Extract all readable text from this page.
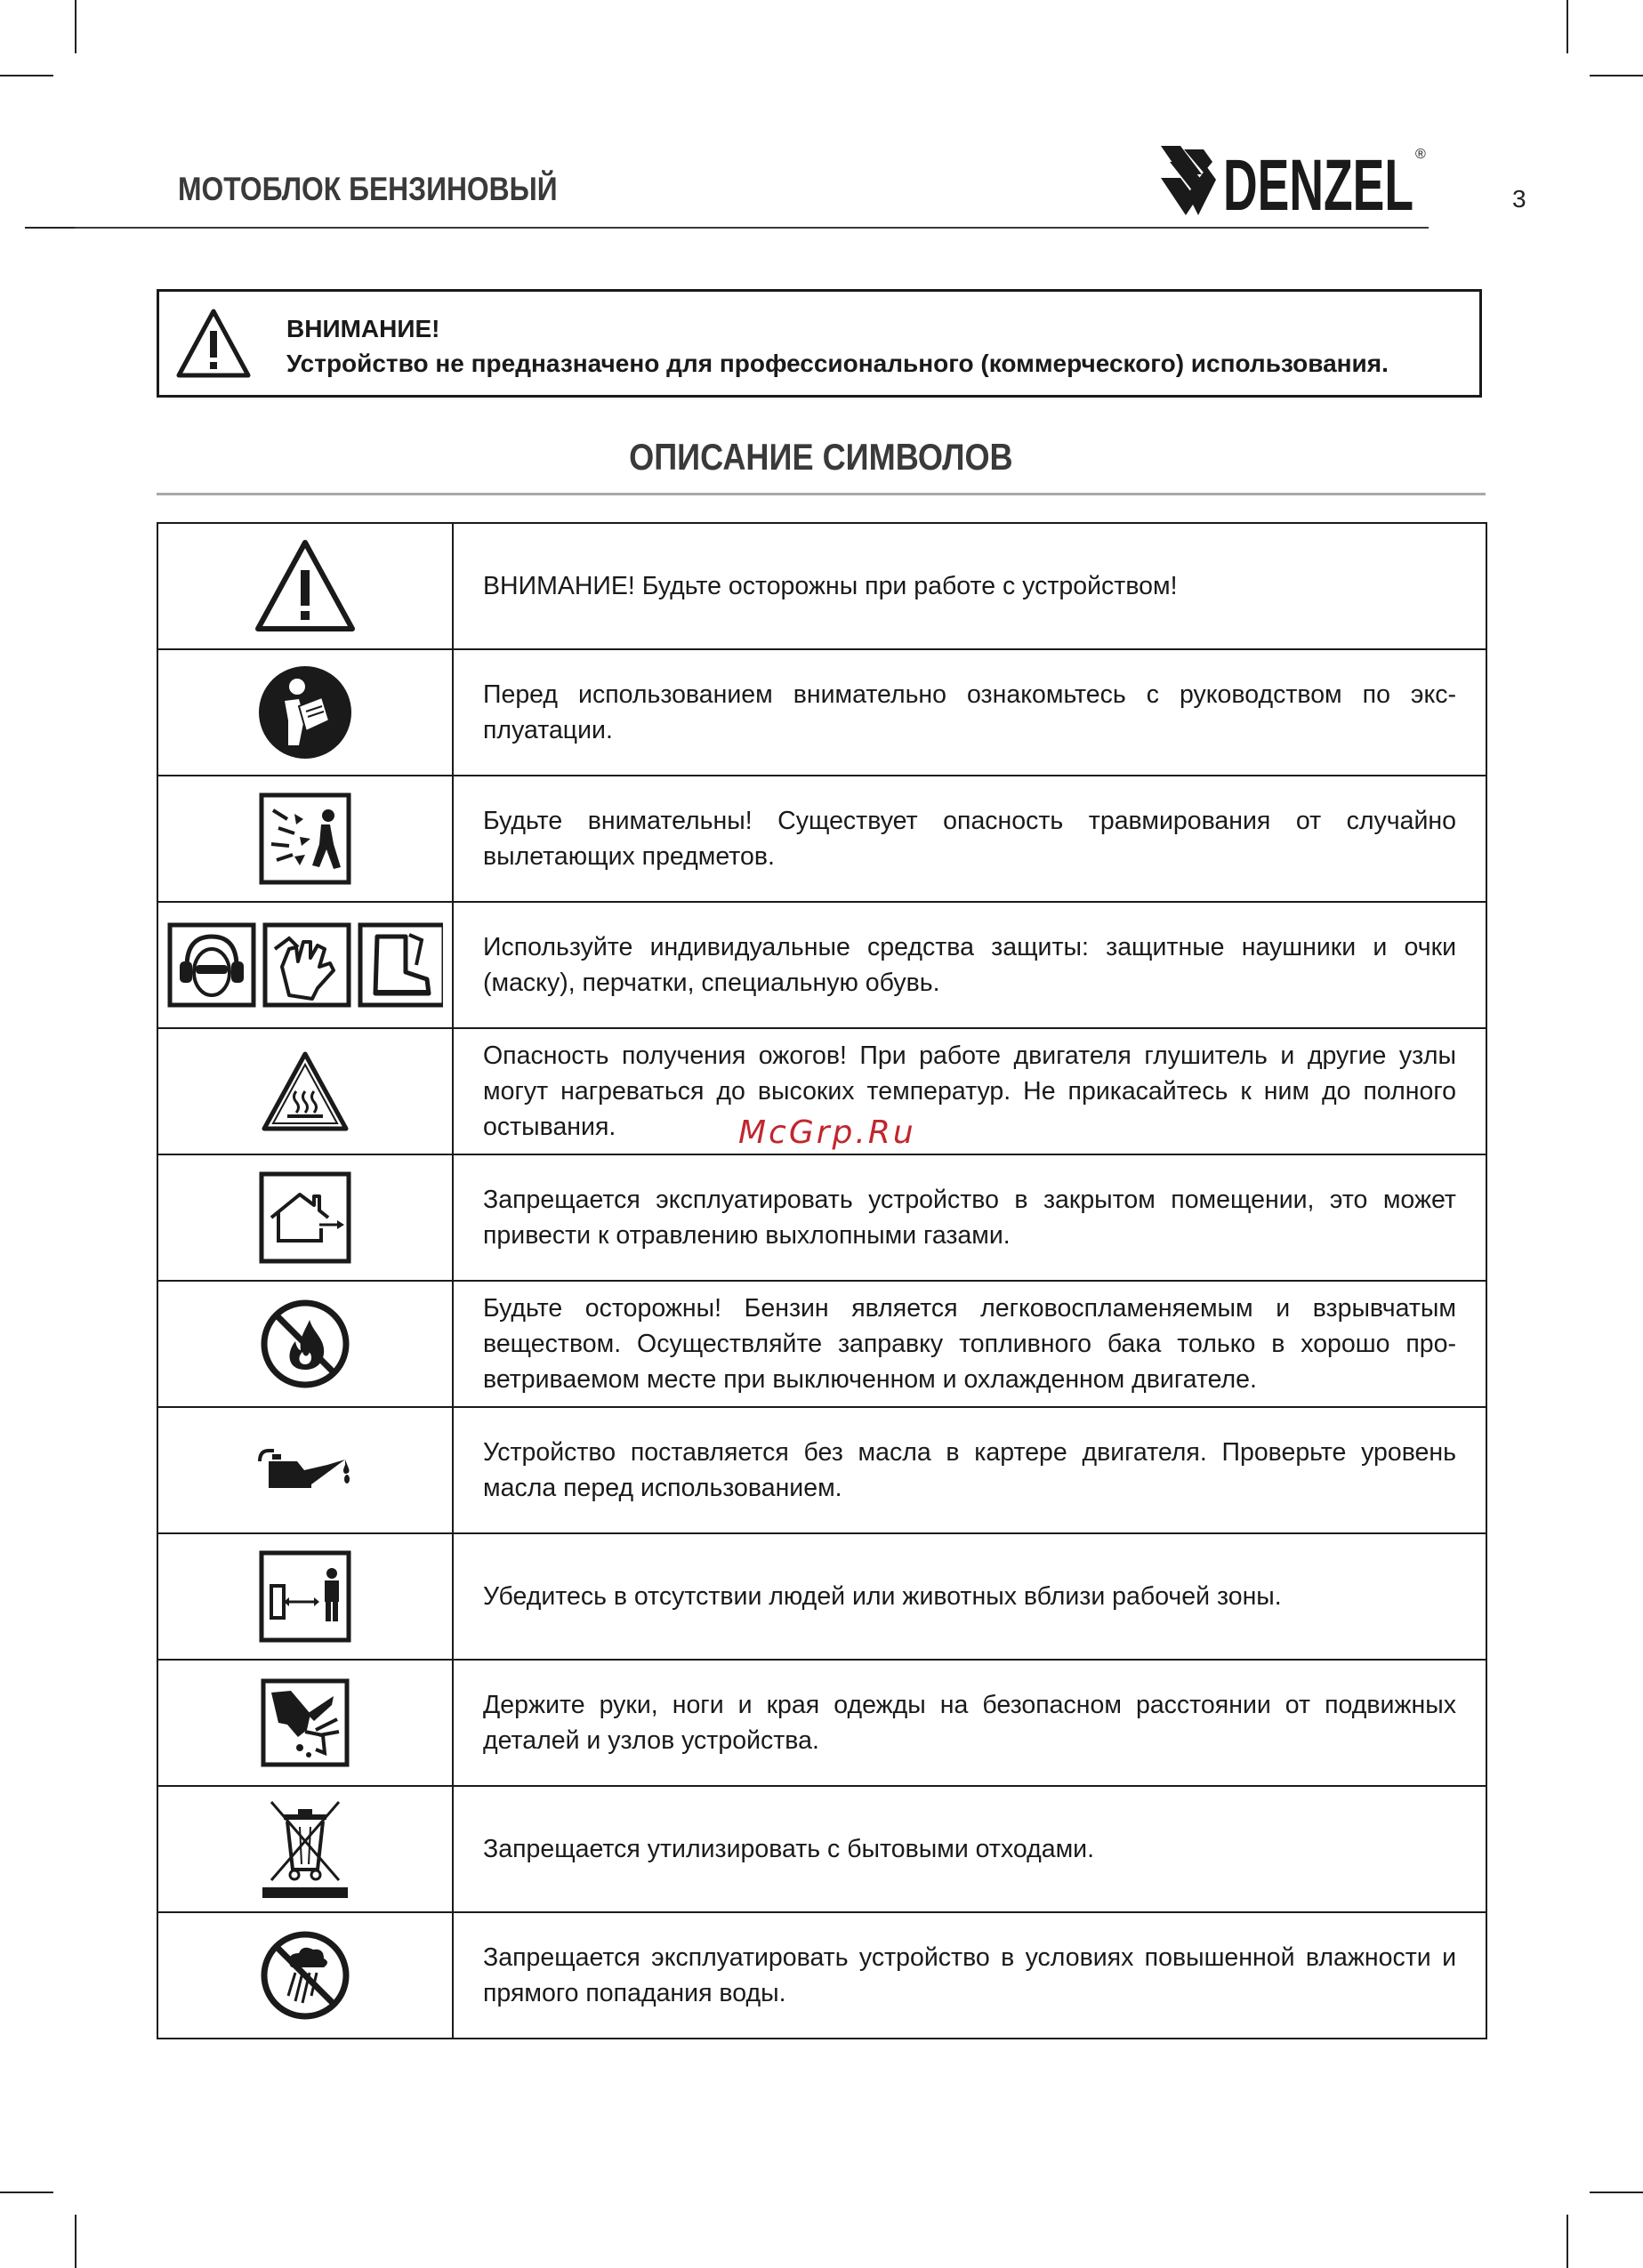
МОТОБЛОК БЕНЗИНОВЫЙ	DENZEL ®
3
ВНИМАНИЕ!
Устройство не предназначено для профессионального (коммерческого) использования.
ОПИСАНИЕ СИМВОЛОВ
	ВНИМАНИЕ! Будьте осторожны при работе с устройством!
	Перед использованием внимательно ознакомьтесь с руководством по эксплуатации.
	Будьте внимательны! Существует опасность травмирования от случайно вылетающих предметов.
	Используйте индивидуальные средства защиты: защитные наушники и очки (маску), перчатки, специальную обувь.
	Опасность получения ожогов! При работе двигателя глушитель и другие узлы могут нагреваться до высоких температур. Не прикасайтесь к ним до полного остывания.
	Запрещается эксплуатировать устройство в закрытом помещении, это может привести к отравлению выхлопными газами.
	Будьте осторожны! Бензин является легковоспламеняемым и взрывчатым веществом. Осуществляйте заправку топливного бака только в хорошо проветриваемом месте при выключенном и охлажденном двигателе.
	Устройство поставляется без масла в картере двигателя. Проверьте уровень масла перед использованием.
	Убедитесь в отсутствии людей или животных вблизи рабочей зоны.
	Держите руки, ноги и края одежды на безопасном расстоянии от подвижных деталей и узлов устройства.
	Запрещается утилизировать с бытовыми отходами.
	Запрещается эксплуатировать устройство в условиях повышенной влажности и прямого попадания воды.
McGrp.Ru
